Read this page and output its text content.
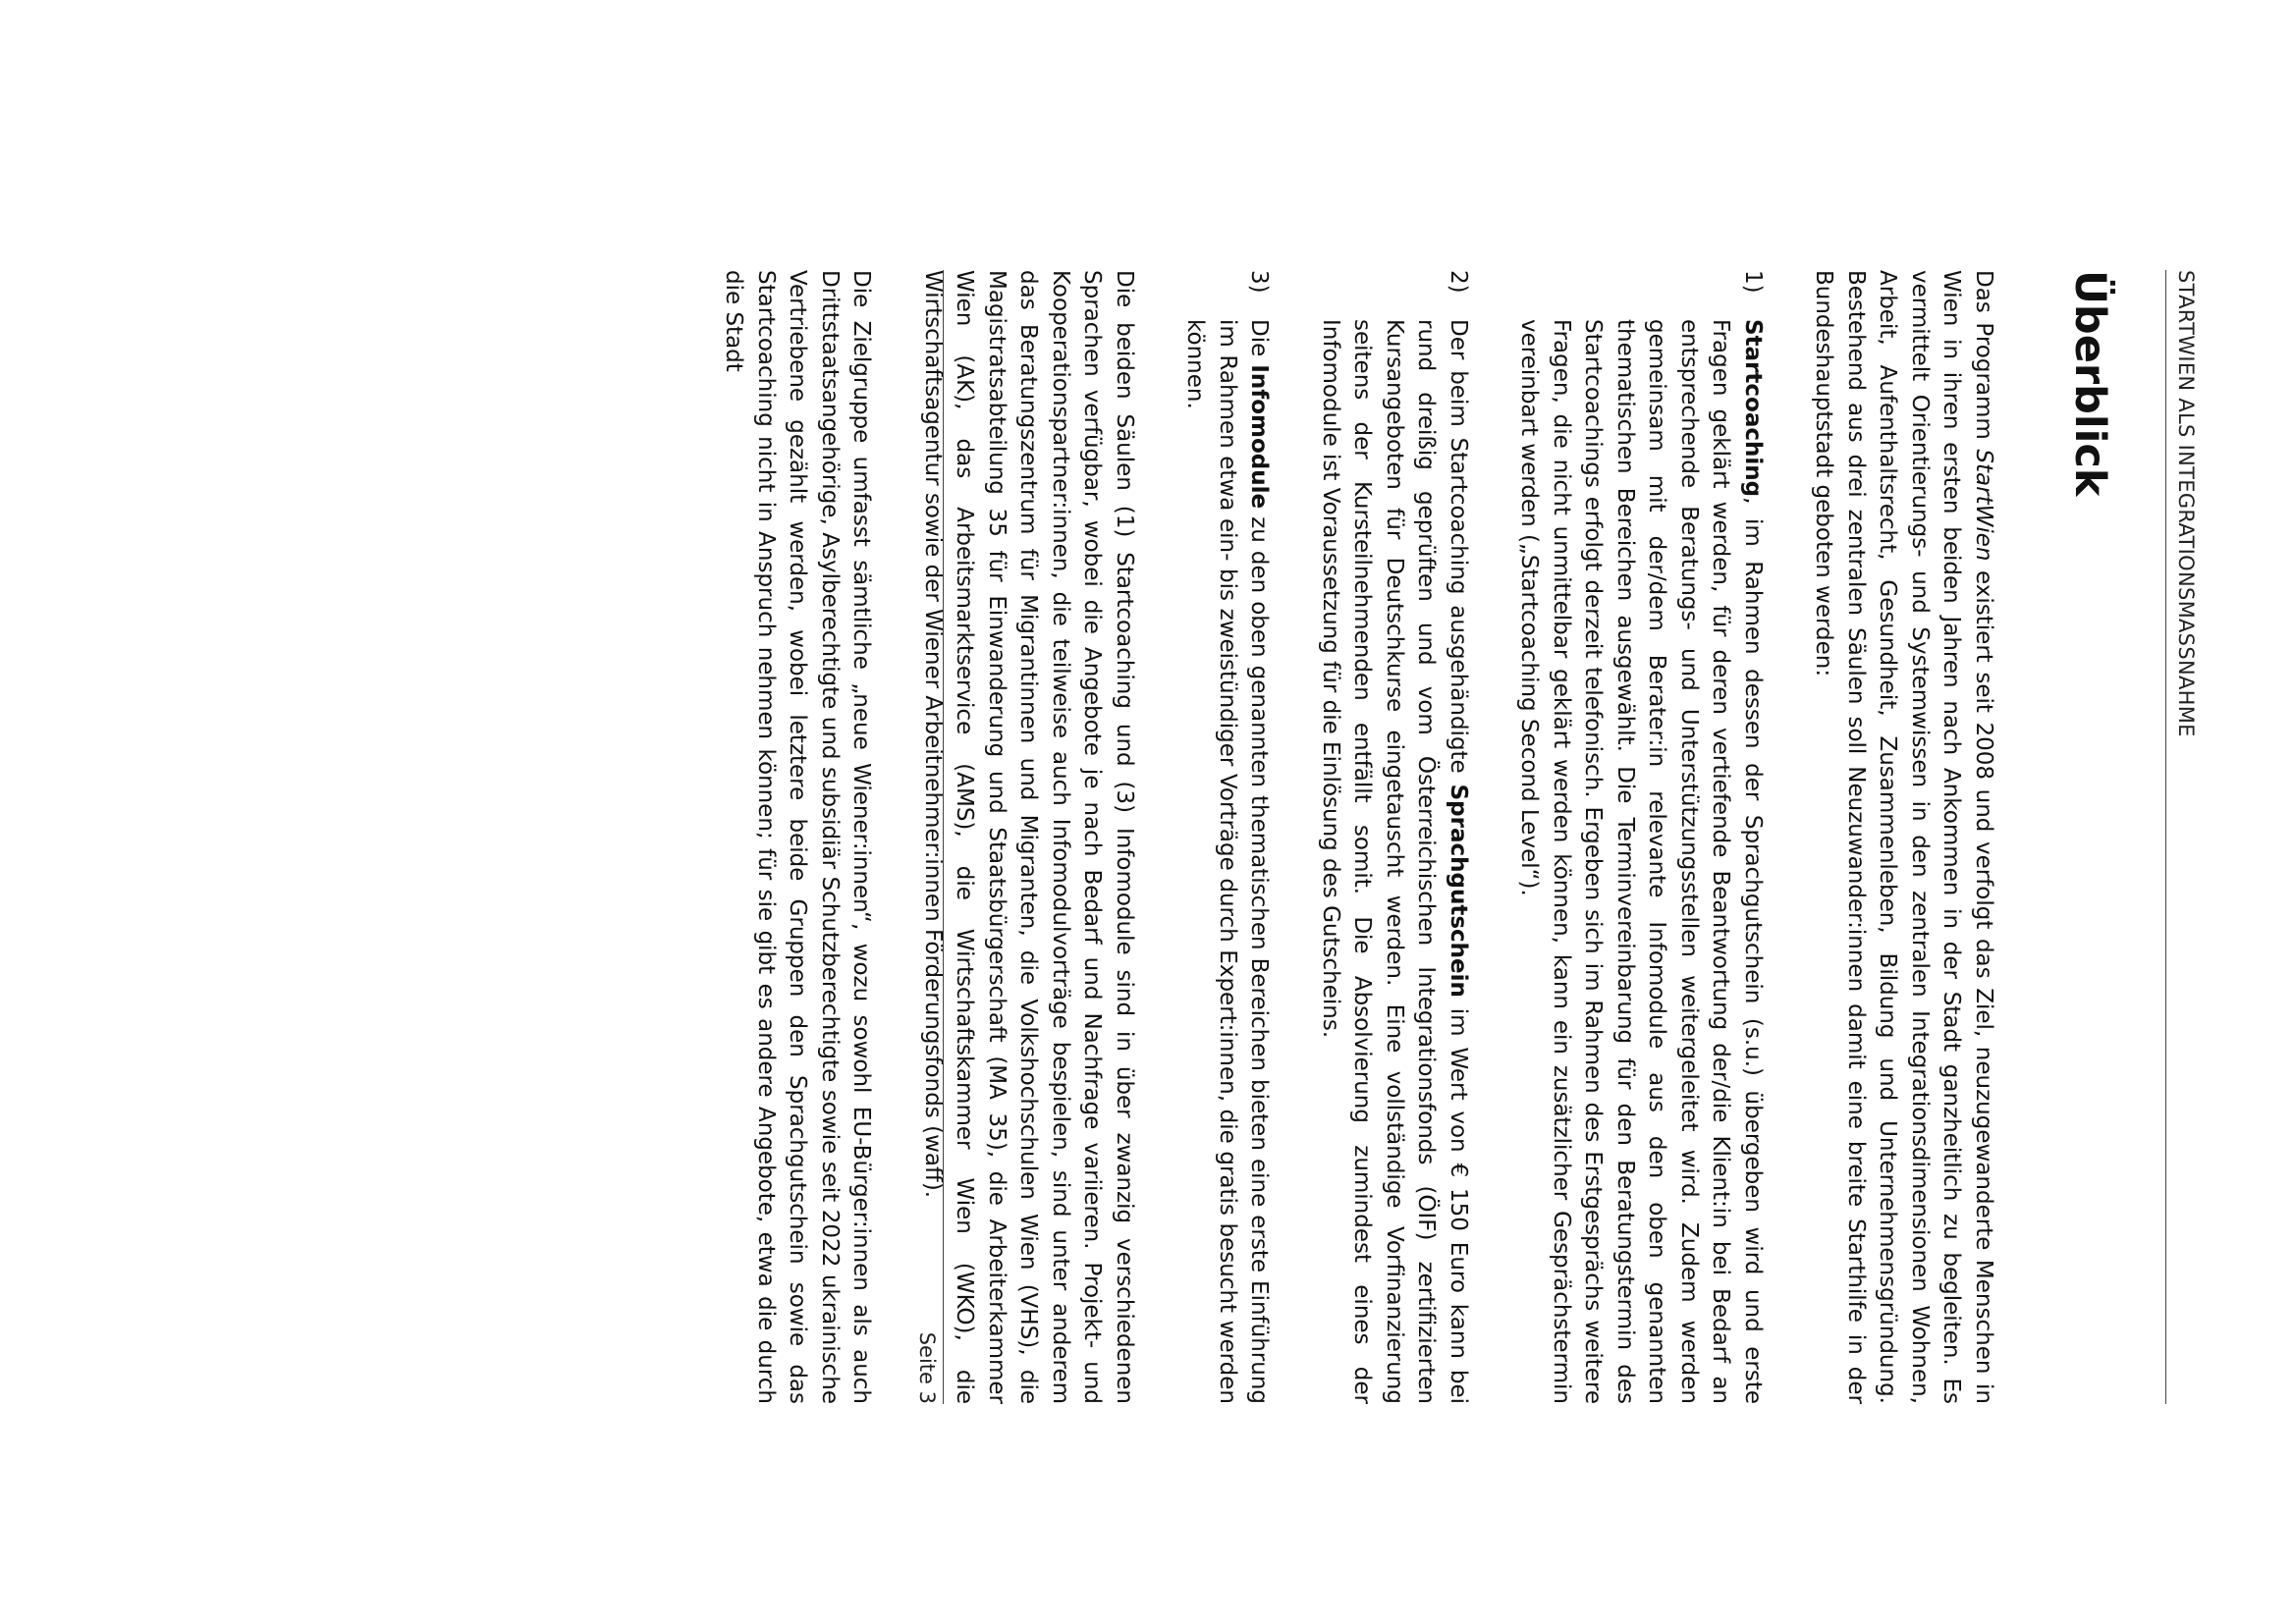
STARTWIEN ALS INTEGRATIONSMASSNAHME
Überblick

Das Programm StartWien existiert seit 2008 und verfolgt das Ziel, neuzugewanderte Menschen in Wien in ihren ersten beiden Jahren nach Ankommen in der Stadt ganzheitlich zu begleiten. Es vermittelt Orientierungs- und Systemwissen in den zentralen Integrationsdimensionen Wohnen, Arbeit, Aufenthaltsrecht, Gesundheit, Zusammenleben, Bildung und Unternehmensgründung. Bestehend aus drei zentralen Säulen soll Neuzuwander:innen damit eine breite Starthilfe in der Bundeshauptstadt geboten werden:

1)
Startcoaching, im Rahmen dessen der Sprachgutschein (s.u.) übergeben wird und erste Fragen geklärt werden, für deren vertiefende Beantwortung der/die Klient:in bei Bedarf an entsprechende Beratungs- und Unterstützungsstellen weitergeleitet wird. Zudem werden gemeinsam mit der/dem Berater:in relevante Infomodule aus den oben genannten thematischen Bereichen ausgewählt. Die Terminvereinbarung für den Beratungstermin des Startcoachings erfolgt derzeit telefonisch. Ergeben sich im Rahmen des Erstgesprächs weitere Fragen, die nicht unmittelbar geklärt werden können, kann ein zusätzlicher Gesprächstermin vereinbart werden („Startcoaching Second Level“).
2)
Der beim Startcoaching ausgehändigte Sprachgutschein im Wert von € 150 Euro kann bei rund dreißig geprüften und vom Österreichischen Integrationsfonds (ÖIF) zertifizierten Kursangeboten für Deutschkurse eingetauscht werden. Eine vollständige Vorfinanzierung seitens der Kursteilnehmenden entfällt somit. Die Absolvierung zumindest eines der Infomodule ist Voraussetzung für die Einlösung des Gutscheins.
3)
Die Infomodule zu den oben genannten thematischen Bereichen bieten eine erste Einführung im Rahmen etwa ein- bis zweistündiger Vorträge durch Expert:innen, die gratis besucht werden können.

Die beiden Säulen (1) Startcoaching und (3) Infomodule sind in über zwanzig verschiedenen Sprachen verfügbar, wobei die Angebote je nach Bedarf und Nachfrage variieren. Projekt- und Kooperationspartner:innen, die teilweise auch Infomodulvorträge bespielen, sind unter anderem das Beratungszentrum für Migrantinnen und Migranten, die Volkshochschulen Wien (VHS), die Magistratsabteilung 35 für Einwanderung und Staatsbürgerschaft (MA 35), die Arbeiterkammer Wien (AK), das Arbeitsmarktservice (AMS), die Wirtschaftskammer Wien (WKO), die Wirtschaftsagentur sowie der Wiener Arbeitnehmer:innen Förderungsfonds (waff).

Die Zielgruppe umfasst sämtliche „neue Wiener:innen“, wozu sowohl EU-Bürger:innen als auch Drittstaatsangehörige, Asylberechtigte und subsidiär Schutzberechtigte sowie seit 2022 ukrainische Vertriebene gezählt werden, wobei letztere beide Gruppen den Sprachgutschein sowie das Startcoaching nicht in Anspruch nehmen können; für sie gibt es andere Angebote, etwa die durch die Stadt

Seite 3
